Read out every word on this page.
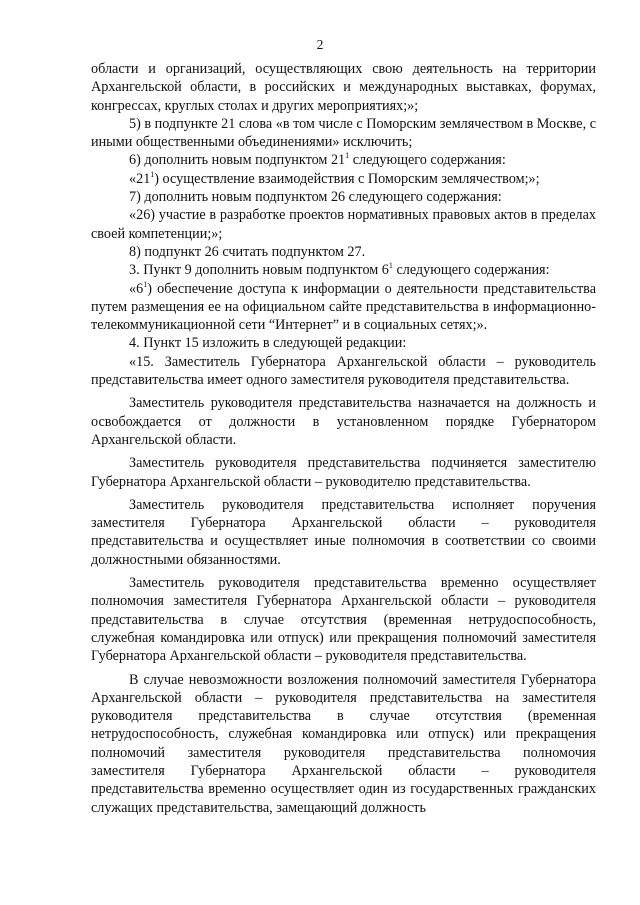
2

области и организаций, осуществляющих свою деятельность на территории Архангельской области, в российских и международных выставках, форумах, конгрессах, круглых столах и других мероприятиях;»;

5) в подпункте 21 слова «в том числе с Поморским землячеством в Москве, с иными общественными объединениями» исключить;

6) дополнить новым подпунктом $21^1$ следующего содержания:

«$21^1$) осуществление взаимодействия с Поморским землячеством;»;

7) дополнить новым подпунктом 26 следующего содержания:

«26) участие в разработке проектов нормативных правовых актов в пределах своей компетенции;»;

8) подпункт 26 считать подпунктом 27.

3. Пункт 9 дополнить новым подпунктом $6^1$ следующего содержания:

«$6^1$) обеспечение доступа к информации о деятельности представительства путем размещения ее на официальном сайте представительства в информационно-телекоммуникационной сети “Интернет” и в социальных сетях;».

4. Пункт 15 изложить в следующей редакции:

«15. Заместитель Губернатора Архангельской области – руководитель представительства имеет одного заместителя руководителя представительства.

Заместитель руководителя представительства назначается на должность и освобождается от должности в установленном порядке Губернатором Архангельской области.

Заместитель руководителя представительства подчиняется заместителю Губернатора Архангельской области – руководителю представительства.

Заместитель руководителя представительства исполняет поручения заместителя Губернатора Архангельской области – руководителя представительства и осуществляет иные полномочия в соответствии со своими должностными обязанностями.

Заместитель руководителя представительства временно осуществляет полномочия заместителя Губернатора Архангельской области – руководителя представительства в случае отсутствия (временная нетрудоспособность, служебная командировка или отпуск) или прекращения полномочий заместителя Губернатора Архангельской области – руководителя представительства.

В случае невозможности возложения полномочий заместителя Губернатора Архангельской области – руководителя представительства на заместителя руководителя представительства в случае отсутствия (временная нетрудоспособность, служебная командировка или отпуск) или прекращения полномочий заместителя руководителя представительства полномочия заместителя Губернатора Архангельской области – руководителя представительства временно осуществляет один из государственных гражданских служащих представительства, замещающий должность
